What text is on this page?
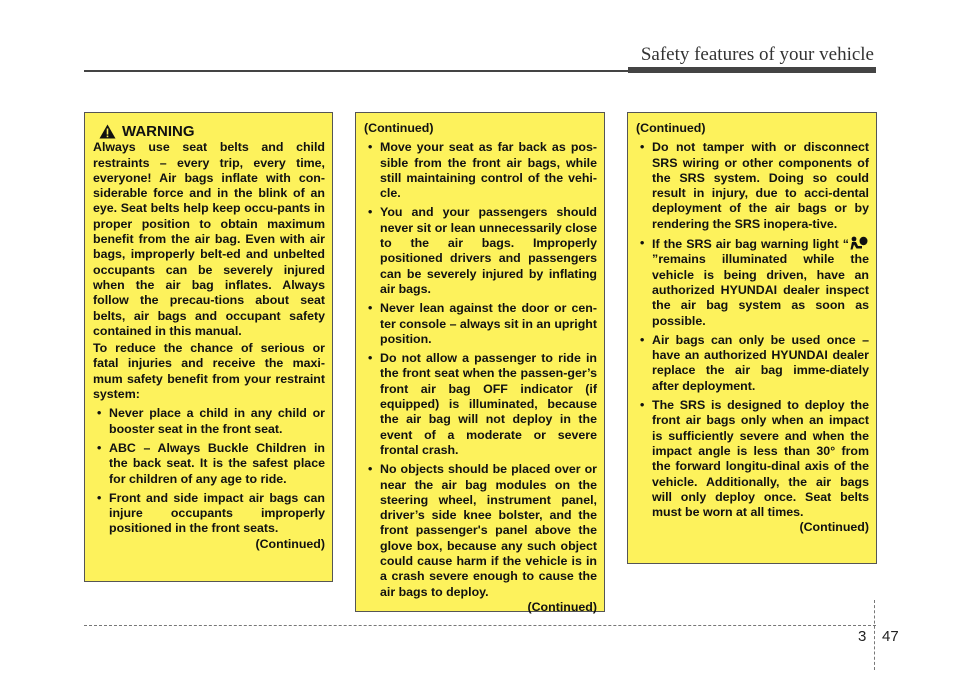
Safety features of your vehicle
WARNING

Always use seat belts and child restraints – every trip, every time, everyone! Air bags inflate with con-siderable force and in the blink of an eye. Seat belts help keep occu-pants in proper position to obtain maximum benefit from the air bag. Even with air bags, improperly belt-ed and unbelted occupants can be severely injured when the air bag inflates. Always follow the precau-tions about seat belts, air bags and occupant safety contained in this manual.

To reduce the chance of serious or fatal injuries and receive the maxi-mum safety benefit from your restraint system:

• Never place a child in any child or booster seat in the front seat.
• ABC – Always Buckle Children in the back seat. It is the safest place for children of any age to ride.
• Front and side impact air bags can injure occupants improperly positioned in the front seats.

(Continued)

(Continued)

• Move your seat as far back as pos-sible from the front air bags, while still maintaining control of the vehi-cle.
• You and your passengers should never sit or lean unnecessarily close to the air bags. Improperly positioned drivers and passengers can be severely injured by inflating air bags.
• Never lean against the door or cen-ter console – always sit in an upright position.
• Do not allow a passenger to ride in the front seat when the passen-ger’s front air bag OFF indicator (if equipped) is illuminated, because the air bag will not deploy in the event of a moderate or severe frontal crash.
• No objects should be placed over or near the air bag modules on the steering wheel, instrument panel, driver’s side knee bolster, and the front passenger's panel above the glove box, because any such object could cause harm if the vehicle is in a crash severe enough to cause the air bags to deploy.

(Continued)

(Continued)

• Do not tamper with or disconnect SRS wiring or other components of the SRS system. Doing so could result in injury, due to acci-dental deployment of the air bags or by rendering the SRS inopera-tive.
• If the SRS air bag warning light “”remains illuminated while the vehicle is being driven, have an authorized HYUNDAI dealer inspect the air bag system as soon as possible.
• Air bags can only be used once – have an authorized HYUNDAI dealer replace the air bag imme-diately after deployment.
• The SRS is designed to deploy the front air bags only when an impact is sufficiently severe and when the impact angle is less than 30° from the forward longitu-dinal axis of the vehicle. Additionally, the air bags will only deploy once. Seat belts must be worn at all times.

(Continued)

3 47
